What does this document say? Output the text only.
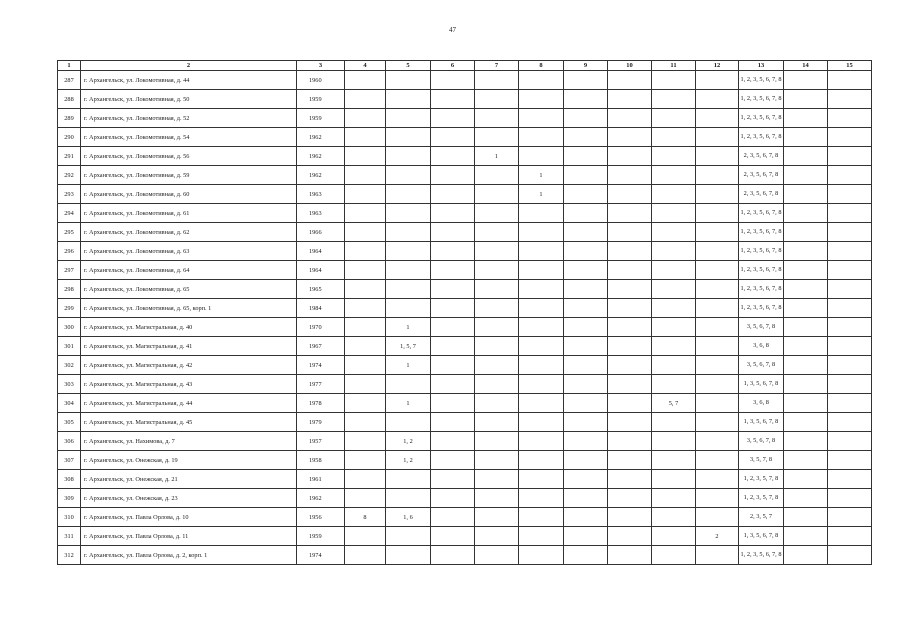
47
1	2	3	4	5	6	7	8	9	10	11	12	13	14	15
287	г. Архангельск, ул. Локомотивная, д. 44	1960										1, 2, 3, 5, 6, 7, 8		
288	г. Архангельск, ул. Локомотивная, д. 50	1959										1, 2, 3, 5, 6, 7, 8		
289	г. Архангельск, ул. Локомотивная, д. 52	1959										1, 2, 3, 5, 6, 7, 8		
290	г. Архангельск, ул. Локомотивная, д. 54	1962										1, 2, 3, 5, 6, 7, 8		
291	г. Архангельск, ул. Локомотивная, д. 56	1962				1						2, 3, 5, 6, 7, 8		
292	г. Архангельск, ул. Локомотивная, д. 59	1962					1					2, 3, 5, 6, 7, 8		
293	г. Архангельск, ул. Локомотивная, д. 60	1963					1					2, 3, 5, 6, 7, 8		
294	г. Архангельск, ул. Локомотивная, д. 61	1963										1, 2, 3, 5, 6, 7, 8		
295	г. Архангельск, ул. Локомотивная, д. 62	1966										1, 2, 3, 5, 6, 7, 8		
296	г. Архангельск, ул. Локомотивная, д. 63	1964										1, 2, 3, 5, 6, 7, 8		
297	г. Архангельск, ул. Локомотивная, д. 64	1964										1, 2, 3, 5, 6, 7, 8		
298	г. Архангельск, ул. Локомотивная, д. 65	1965										1, 2, 3, 5, 6, 7, 8		
299	г. Архангельск, ул. Локомотивная, д. 65, корп. 1	1984										1, 2, 3, 5, 6, 7, 8		
300	г. Архангельск, ул. Магистральная, д. 40	1970		1								3, 5, 6, 7, 8		
301	г. Архангельск, ул. Магистральная, д. 41	1967		1, 5, 7								3, 6, 8		
302	г. Архангельск, ул. Магистральная, д. 42	1974		1								3, 5, 6, 7, 8		
303	г. Архангельск, ул. Магистральная, д. 43	1977										1, 3, 5, 6, 7, 8		
304	г. Архангельск, ул. Магистральная, д. 44	1978		1						5, 7		3, 6, 8		
305	г. Архангельск, ул. Магистральная, д. 45	1979										1, 3, 5, 6, 7, 8		
306	г. Архангельск, ул. Нахимова, д. 7	1957		1, 2								3, 5, 6, 7, 8		
307	г. Архангельск, ул. Онежская, д. 19	1958		1, 2								3, 5, 7, 8		
308	г. Архангельск, ул. Онежская, д. 21	1961										1, 2, 3, 5, 7, 8		
309	г. Архангельск, ул. Онежская, д. 23	1962										1, 2, 3, 5, 7, 8		
310	г. Архангельск, ул. Павла Орлова, д. 10	1956	8	1, 6								2, 3, 5, 7		
311	г. Архангельск, ул. Павла Орлова, д. 11	1959									2	1, 3, 5, 6, 7, 8		
312	г. Архангельск, ул. Павла Орлова, д. 2, корп. 1	1974										1, 2, 3, 5, 6, 7, 8		
